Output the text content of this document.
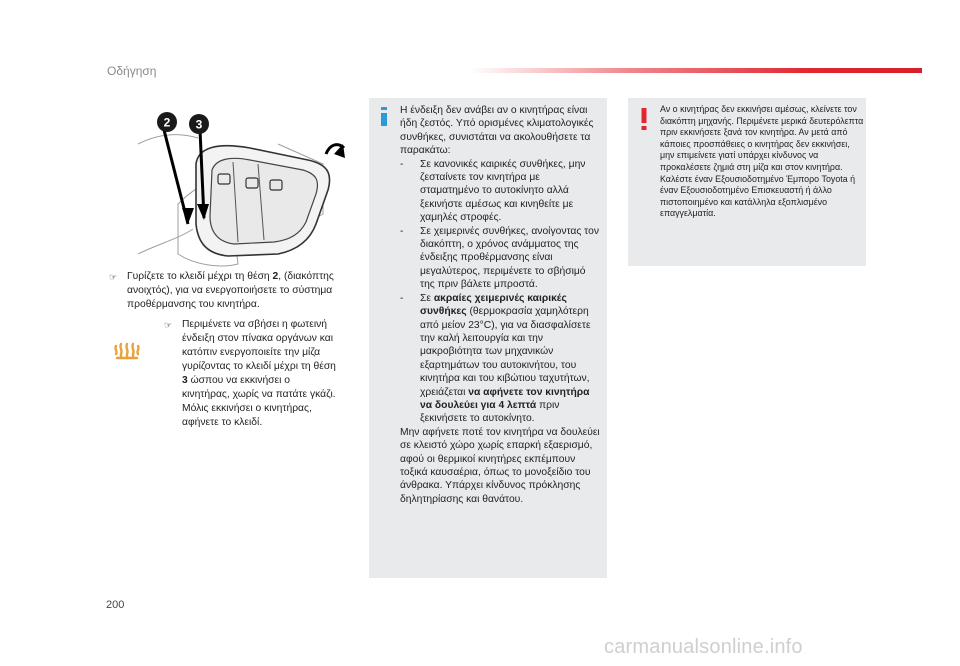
Οδήγηση
2 3
☞ Γυρίζετε το κλειδί μέχρι τη θέση 2, (διακόπτης ανοιχτός), για να ενεργοποιήσετε το σύστημα προθέρμανσης του κινητήρα.

☞ Περιμένετε να σβήσει η φωτεινή ένδειξη στον πίνακα οργάνων και κατόπιν ενεργοποιείτε την μίζα γυρίζοντας το κλειδί μέχρι τη θέση 3 ώσπου να εκκινήσει ο κινητήρας, χωρίς να πατάτε γκάζι. Μόλις εκκινήσει ο κινητήρας, αφήνετε το κλειδί.

Η ένδειξη δεν ανάβει αν ο κινητήρας είναι ήδη ζεστός. Υπό ορισμένες κλιματολογικές συνθήκες, συνιστάται να ακολουθήσετε τα παρακάτω:

-	Σε κανονικές καιρικές συνθήκες, μην ζεσταίνετε τον κινητήρα με σταματημένο το αυτοκίνητο αλλά ξεκινήστε αμέσως και κινηθείτε με χαμηλές στροφές.

-	Σε χειμερινές συνθήκες, ανοίγοντας τον διακόπτη, ο χρόνος ανάμματος της ένδειξης προθέρμανσης είναι μεγαλύτερος, περιμένετε το σβήσιμό της πριν βάλετε μπροστά.

-	Σε ακραίες χειμερινές καιρικές συνθήκες (θερμοκρασία χαμηλότερη από μείον 23°C), για να διασφαλίσετε την καλή λειτουργία και την μακροβιότητα των μηχανικών εξαρτημάτων του αυτοκινήτου, του κινητήρα και του κιβώτιου ταχυτήτων, χρειάζεται να αφήνετε τον κινητήρα να δουλεύει για 4 λεπτά πριν ξεκινήσετε το αυτοκίνητο.

Μην αφήνετε ποτέ τον κινητήρα να δουλεύει σε κλειστό χώρο χωρίς επαρκή εξαερισμό, αφού οι θερμικοί κινητήρες εκπέμπουν τοξικά καυσαέρια, όπως το μονοξείδιο του άνθρακα. Υπάρχει κίνδυνος πρόκλησης δηλητηρίασης και θανάτου.

Αν ο κινητήρας δεν εκκινήσει αμέσως, κλείνετε τον διακόπτη μηχανής. Περιμένετε μερικά δευτερόλεπτα πριν εκκινήσετε ξανά τον κινητήρα. Αν μετά από κάποιες προσπάθειες ο κινητήρας δεν εκκινήσει, μην επιμείνετε γιατί υπάρχει κίνδυνος να προκαλέσετε ζημιά στη μίζα και στον κινητήρα. Καλέστε έναν Εξουσιοδοτημένο Έμπορο Toyota ή έναν Εξουσιοδοτημένο Επισκευαστή ή άλλο πιστοποιημένο και κατάλληλα εξοπλισμένο επαγγελματία.
200
carmanualsonline.info
